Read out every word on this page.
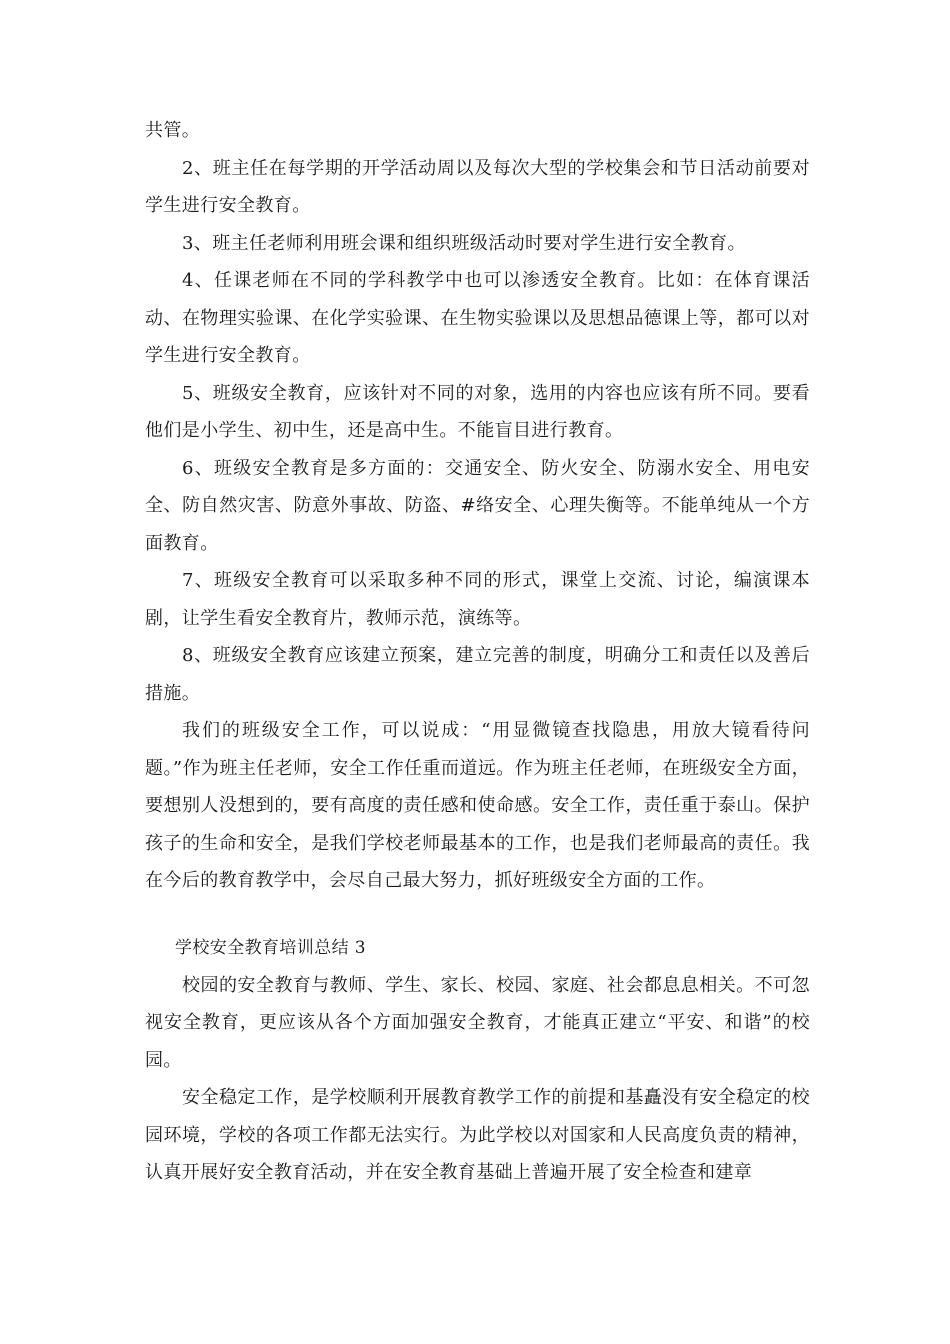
共管。

2、班主任在每学期的开学活动周以及每次大型的学校集会和节日活动前要对学生进行安全教育。

3、班主任老师利用班会课和组织班级活动时要对学生进行安全教育。

4、任课老师在不同的学科教学中也可以渗透安全教育。比如：在体育课活动、在物理实验课、在化学实验课、在生物实验课以及思想品德课上等，都可以对学生进行安全教育。

5、班级安全教育，应该针对不同的对象，选用的内容也应该有所不同。要看他们是小学生、初中生，还是高中生。不能盲目进行教育。

6、班级安全教育是多方面的：交通安全、防火安全、防溺水安全、用电安全、防自然灾害、防意外事故、防盗、#络安全、心理失衡等。不能单纯从一个方面教育。

7、班级安全教育可以采取多种不同的形式，课堂上交流、讨论，编演课本剧，让学生看安全教育片，教师示范，演练等。

8、班级安全教育应该建立预案，建立完善的制度，明确分工和责任以及善后措施。

我们的班级安全工作，可以说成：“用显微镜查找隐患，用放大镜看待问题。”作为班主任老师，安全工作任重而道远。作为班主任老师，在班级安全方面，要想别人没想到的，要有高度的责任感和使命感。安全工作，责任重于泰山。保护孩子的生命和安全，是我们学校老师最基本的工作，也是我们老师最高的责任。我在今后的教育教学中，会尽自己最大努力，抓好班级安全方面的工作。

学校安全教育培训总结 3

校园的安全教育与教师、学生、家长、校园、家庭、社会都息息相关。不可忽视安全教育，更应该从各个方面加强安全教育，才能真正建立“平安、和谐”的校园。

安全稳定工作，是学校顺利开展教育教学工作的前提和基矗没有安全稳定的校园环境，学校的各项工作都无法实行。为此学校以对国家和人民高度负责的精神，认真开展好安全教育活动，并在安全教育基础上普遍开展了安全检查和建章
